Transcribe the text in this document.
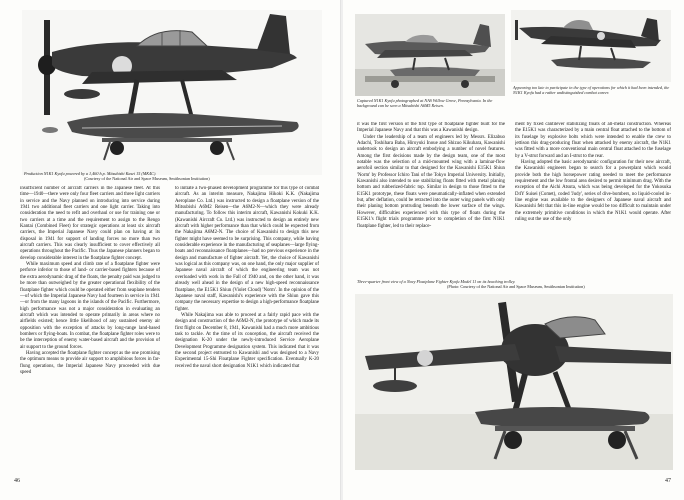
Production N1K1 Kyofu powered by a 1,460 h.p. Mitsubishi Kasei 15 (MK4C).
(Courtesy of the National Air and Space Museum, Smithsonian Institution)

insufficient number of aircraft carriers in the Japanese fleet. At this time—1940—there were only four fleet carriers and three light carriers in service and the Navy planned on introducing into service during 1941 two additional fleet carriers and one light carrier. Taking into consideration the need to refit and overhaul or use for training one or two carriers at a time and the requirement to assign to the Rengo Kantai (Combined Fleet) for strategic operations at least six aircraft carriers, the Imperial Japanese Navy could plan on having at its disposal in 1941 for support of landing forces no more than two aircraft carriers. This was clearly insufficient to cover effectively all operations throughout the Pacific. Thus the Japanese planners began to develop considerable interest in the floatplane fighter concept.

While maximum speed and climb rate of a floatplane fighter were perforce inferior to those of land- or carrier-based fighters because of the extra aerodynamic drag of the floats, the penalty paid was judged to be more than outweighed by the greater operational flexibility of the floatplane fighter which could be operated either from seaplane tenders—of which the Imperial Japanese Navy had fourteen in service in 1941—or from the many lagoons in the islands of the Pacific. Furthermore, high performance was not a major consideration in evaluating an aircraft which was intended to operate primarily in areas where no airfields existed; hence little likelihood of any sustained enemy air opposition with the exception of attacks by long-range land-based bombers or flying-boats. In combat, the floatplane fighter roles were to be the interception of enemy water-based aircraft and the provision of air support to the ground forces.

Having accepted the floatplane fighter concept as the one promising the optimum means to provide air support to amphibious forces in far-flung operations, the Imperial Japanese Navy proceeded with due speed

to initiate a two-phased development programme for this type of combat aircraft. As an interim measure, Nakajima Hikoki K.K. (Nakajima Aeroplane Co. Ltd.) was instructed to design a floatplane version of the Mitsubishi A6M2 Reisen—the A6M2-N—which they were already manufacturing. To follow this interim aircraft, Kawanishi Kokuki K.K. (Kawanishi Aircraft Co. Ltd.) was instructed to design an entirely new aircraft with higher performance than that which could be expected from the Nakajima A6M2-N. The choice of Kawanishi to design this new fighter might have seemed to be surprising. This company, while having considerable experience in the manufacturing of seaplanes—large flying-boats and reconnaissance floatplanes—had no previous experience in the design and manufacture of fighter aircraft. Yet, the choice of Kawanishi was logical as this company was, on one hand, the only major supplier of Japanese naval aircraft of which the engineering team was not overloaded with work in the Fall of 1940 and, on the other hand, it was already well ahead in the design of a new high-speed reconnaissance floatplane, the E15K1 Shiun (Violet Cloud) 'Norm'. In the opinion of the Japanese naval staff, Kawanishi's experience with the Shiun gave this company the necessary expertise to design a high-performance floatplane fighter.

While Nakajima was able to proceed at a fairly rapid pace with the design and construction of the A6M2-N, the prototype of which made its first flight on December 8, 1941, Kawanishi had a much more ambitious task to tackle. At the time of its conception, the aircraft received the designation K-20 under the newly-introduced Service Aeroplane Development Programme designation system. This indicated that it was the second project entrusted to Kawanishi and was designed to a Navy Experimental 15-Shi Floatplane Fighter specification. Eventually K-20 received the naval short designation N1K1 which indicated that

46
Captured N1K1 Kyofu photographed at NAS Willow Grove, Pennsylvania. In the background can be seen a Mitsubishi A6M5 Reisen.
Appearing too late to participate in the type of operations for which it had been intended, the N1K1 Kyofu had a rather undistinguished combat career.

it was the first version of the first type of floatplane fighter built for the Imperial Japanese Navy and that this was a Kawanishi design.

Under the leadership of a team of engineers led by Messrs. Elizabuo Adachi, Toshihara Baba, Hiroyuki Inoue and Shizuo Kikuhara, Kawanishi undertook to design an aircraft embodying a number of novel features. Among the first decisions made by the design team, one of the most notable was the selection of a mid-mounted wing with a laminar-flow aerofoil section similar to that designed for the Kawanishi E15K1 Shiun 'Norm' by Professor Ichiro Tani of the Tokyo Imperial University. Initially, Kawanishi also intended to use stabilizing floats fitted with metal planing bottom and rubberized-fabric top. Similar in design to those fitted to the E15K1 prototype, these floats were pneumatically-inflated when extended but, after deflation, could be retracted into the outer wing panels with only their planing bottom protruding beneath the lower surface of the wings. However, difficulties experienced with this type of floats during the E15K1's flight trials programme prior to completion of the first N1K1 floatplane fighter, led to their replace-

ment by fixed cantilever stabilizing floats of all-metal construction. Whereas the E15K1 was characterized by a main central float attached to the bottom of its fuselage by explosive bolts which were intended to enable the crew to jettison this drag-producing float when attacked by enemy aircraft, the N1K1 was fitted with a more conventional main central float attached to the fuselage by a V-strut forward and an I-strut to the rear.

Having adopted the basic aerodynamic configuration for their new aircraft, the Kawanishi engineers began to search for a powerplant which would provide both the high horsepower rating needed to meet the performance requirement and the low frontal area desired to permit minimum drag. With the exception of the Aichi Atsuta, which was being developed for the Yokosuka D4Y Suisei (Comet), coded 'Judy', series of dive-bombers, no liquid-cooled in-line engine was available to the designers of Japanese naval aircraft and Kawanishi felt that this in-line engine would be too difficult to maintain under the extremely primitive conditions in which the N1K1 would operate. After ruling out the use of the only

Three-quarter front view of a Navy Floatplane Fighter Kyofu Model 11 on its beaching trolley.
(Photo: Courtesy of the National Air and Space Museum, Smithsonian Institution)
47
